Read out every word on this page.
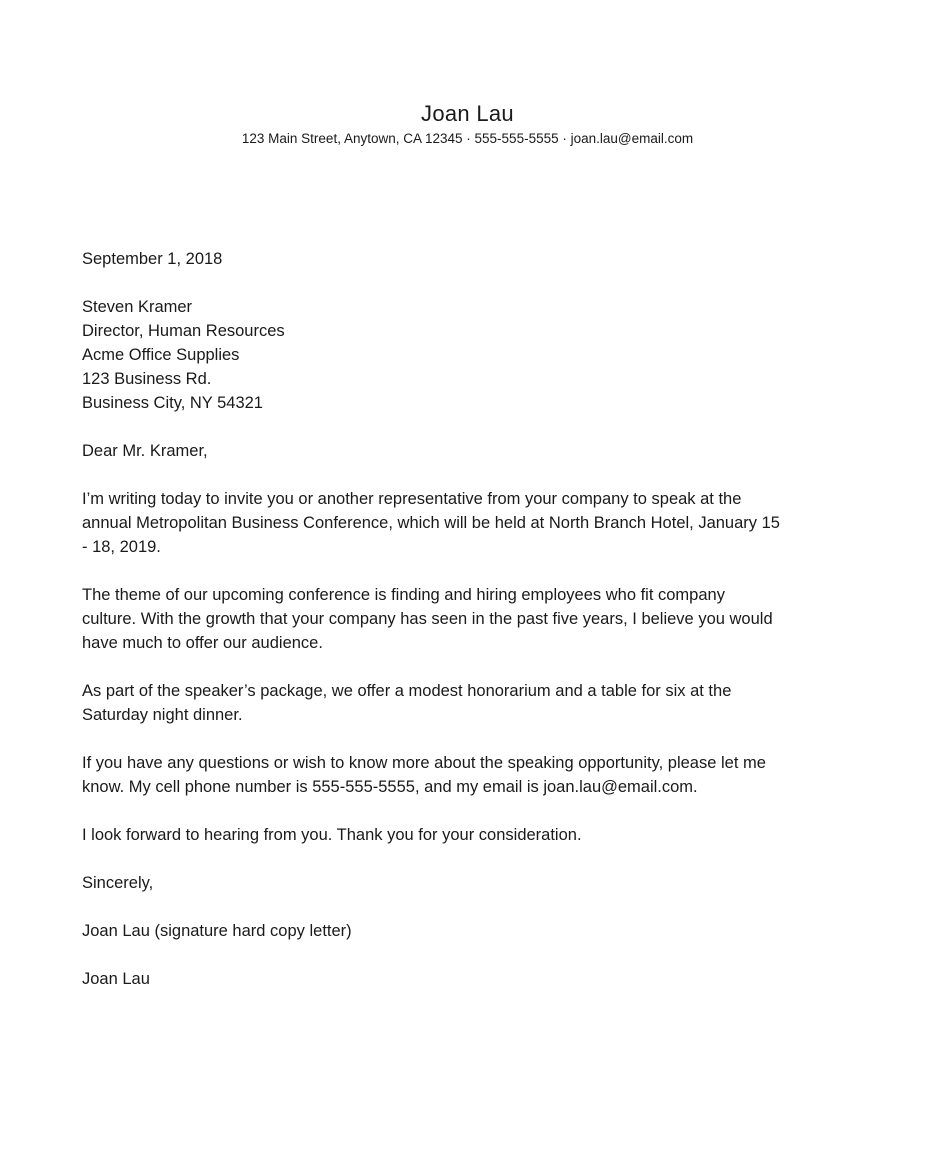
Joan Lau
123 Main Street, Anytown, CA 12345 · 555-555-5555 · joan.lau@email.com
September 1, 2018
Steven Kramer
Director, Human Resources
Acme Office Supplies
123 Business Rd.
Business City, NY 54321
Dear Mr. Kramer,
I’m writing today to invite you or another representative from your company to speak at the
annual Metropolitan Business Conference, which will be held at North Branch Hotel, January 15
- 18, 2019.
The theme of our upcoming conference is finding and hiring employees who fit company
culture. With the growth that your company has seen in the past five years, I believe you would
have much to offer our audience.
As part of the speaker’s package, we offer a modest honorarium and a table for six at the
Saturday night dinner.
If you have any questions or wish to know more about the speaking opportunity, please let me
know. My cell phone number is 555-555-5555, and my email is joan.lau@email.com.
I look forward to hearing from you. Thank you for your consideration.
Sincerely,
Joan Lau (signature hard copy letter)
Joan Lau
